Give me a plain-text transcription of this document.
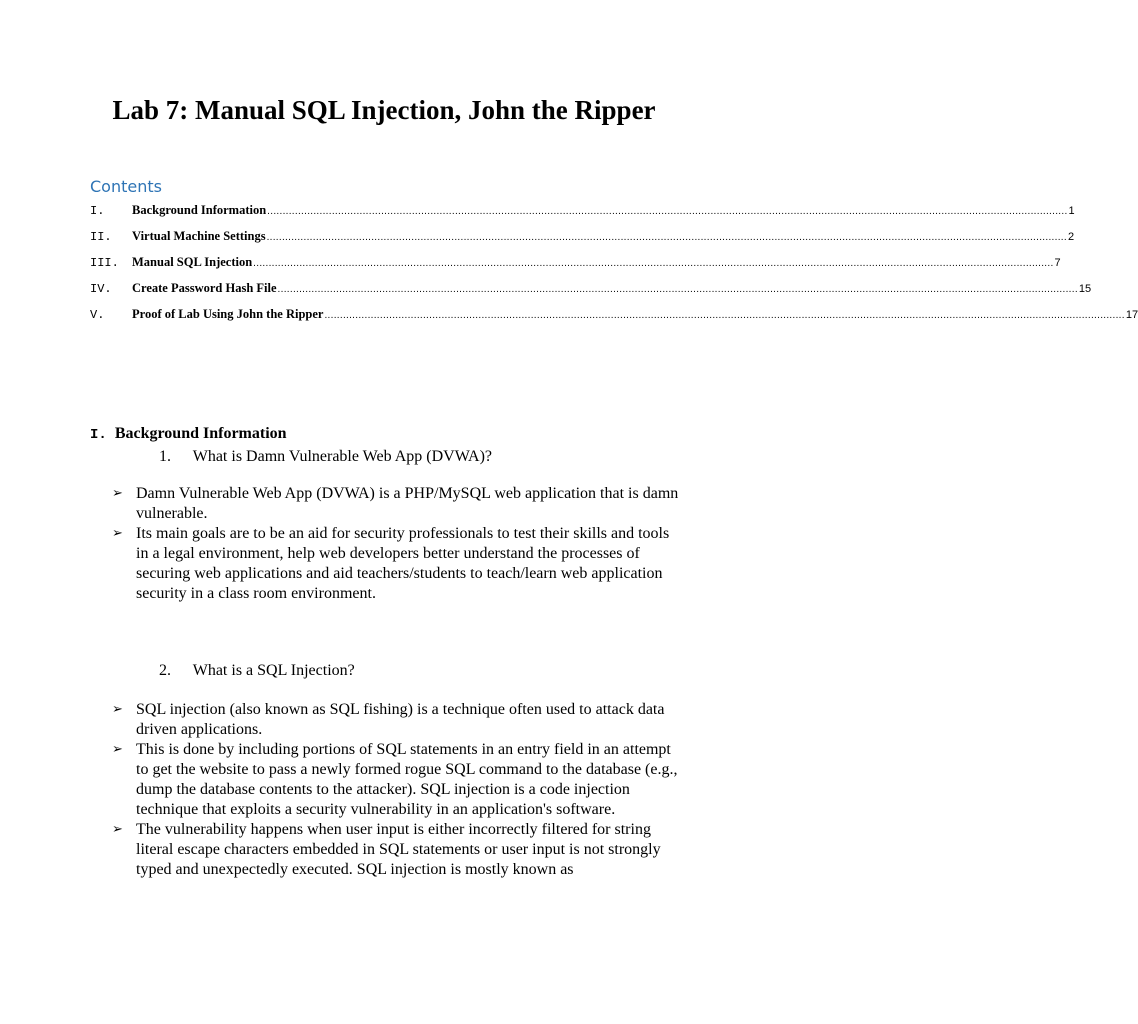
Lab 7: Manual SQL Injection, John the Ripper
Contents
I.	Background Information .................................................................................................................................................................................................................................................................... 1
II.	Virtual Machine Settings .................................................................................................................................................................................................................................................................... 2
III.	Manual SQL Injection .................................................................................................................................................................................................................................................................... 7
IV.	Create Password Hash File .................................................................................................................................................................................................................................................................... 15
V.	Proof of Lab Using John the Ripper .................................................................................................................................................................................................................................................................... 17
I. Background Information
1. What is Damn Vulnerable Web App (DVWA)?
➢ Damn Vulnerable Web App (DVWA) is a PHP/MySQL web application that is damn vulnerable.
➢ Its main goals are to be an aid for security professionals to test their skills and tools in a legal environment, help web developers better understand the processes of securing web applications and aid teachers/students to teach/learn web application security in a class room environment.
2. What is a SQL Injection?
➢ SQL injection (also known as SQL fishing) is a technique often used to attack data driven applications.
➢ This is done by including portions of SQL statements in an entry field in an attempt to get the website to pass a newly formed rogue SQL command to the database (e.g., dump the database contents to the attacker). SQL injection is a code injection technique that exploits a security vulnerability in an application's software.
➢ The vulnerability happens when user input is either incorrectly filtered for string literal escape characters embedded in SQL statements or user input is not strongly typed and unexpectedly executed. SQL injection is mostly known as
